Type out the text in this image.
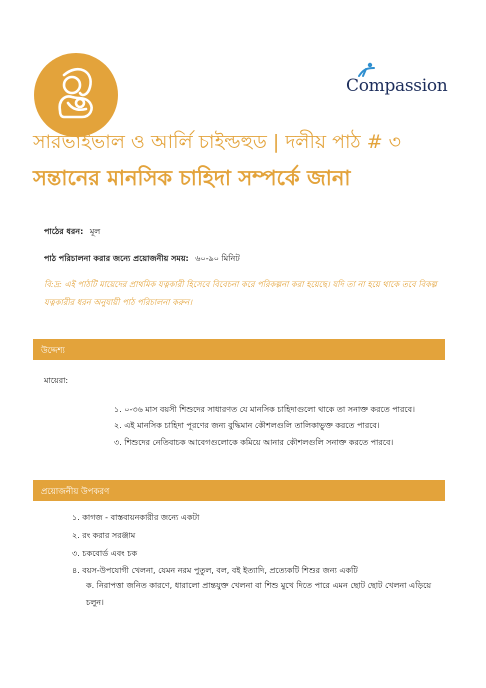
Compassion
সারভাইভাল ও আর্লি চাইল্ডহুড | দলীয় পাঠ # ৩
সন্তানের মানসিক চাহিদা সম্পর্কে জানা
পাঠের ধরন: মূল
পাঠ পরিচালনা করার জন্যে প্রয়োজনীয় সময়: ৬০-৯০ মিনিট
বি:দ্র: এই পাঠটি মায়েদের প্রাথমিক যত্নকারী হিসেবে বিবেচনা করে পরিকল্পনা করা হয়েছে। যদি তা না হয়ে থাকে তবে বিকল্প যত্নকারীর ধরন অনুযায়ী পাঠ পরিচালনা করুন।
উদ্দেশ্য
মায়েরা:
১. ০-৩৬ মাস বয়সী শিশুদের সাধারণত যে মানসিক চাহিদাগুলো থাকে তা সনাক্ত করতে পারবে।
২. এই মানসিক চাহিদা পূরণের জন্য বুদ্ধিমান কৌশলগুলি তালিকাভুক্ত করতে পারবে।
৩. শিশুদের নেতিবাচক আবেগগুলোকে কমিয়ে আনার কৌশলগুলি সনাক্ত করতে পারবে।
প্রয়োজনীয় উপকরণ
১. কাগজ - বাস্তবায়নকারীর জন্যে একটা
২. রং করার সরঞ্জাম
৩. চকবোর্ড এবং চক
৪. বয়স-উপযোগী খেলনা, যেমন নরম পুতুল, বল, বই ইত্যাদি, প্রত্যেকটি শিশুর জন্য একটি
ক. নিরাপত্তা জনিত কারণে, ধারালো প্রান্তযুক্ত খেলনা বা শিশু মুখে দিতে পারে এমন ছোট ছোট খেলনা এড়িয়ে চলুন।
